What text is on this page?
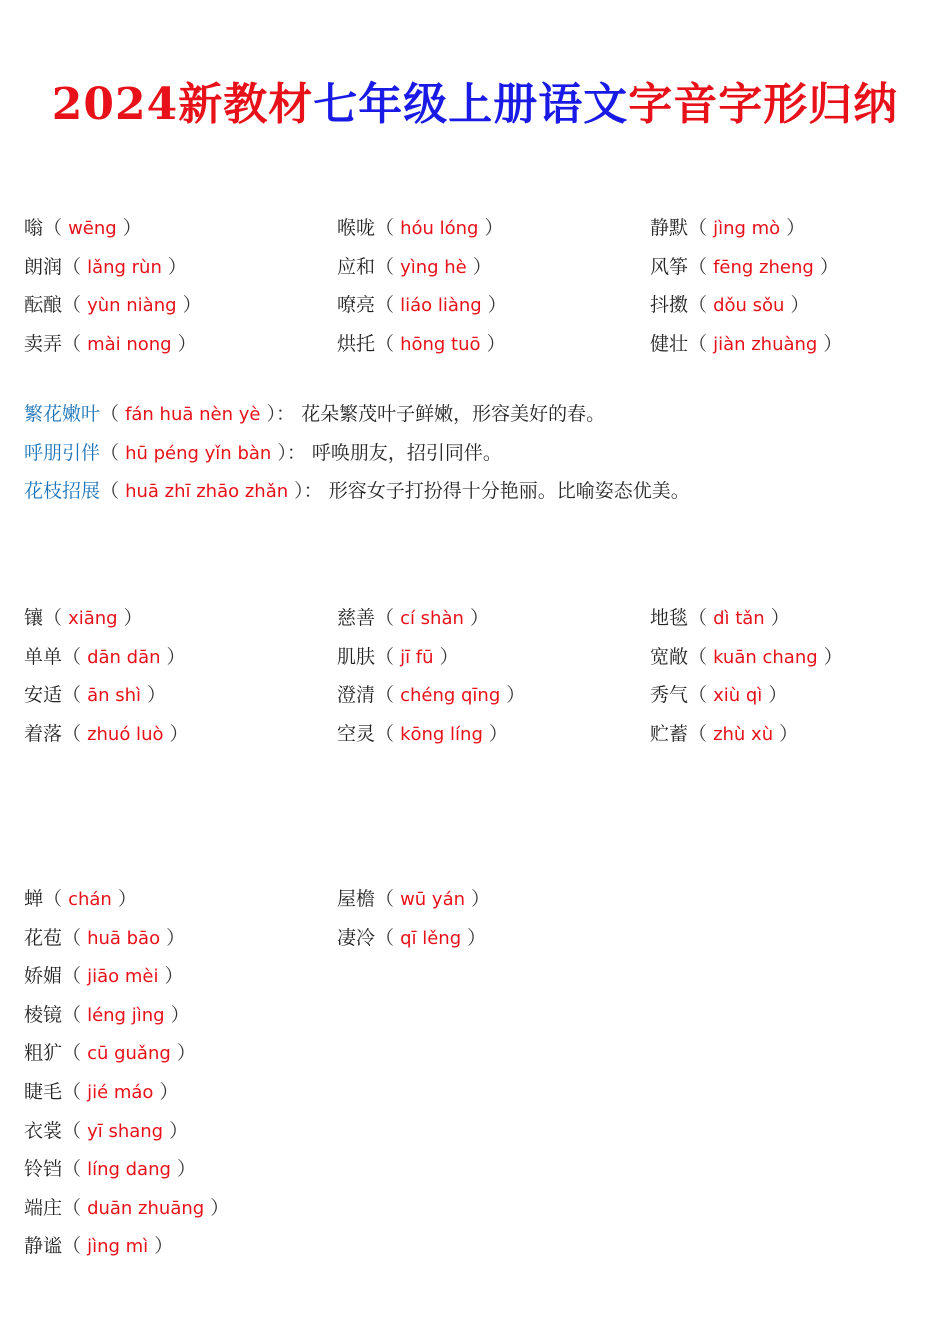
2024新教材七年级上册语文字音字形归纳
嗡（ wēng ）
朗润（ lǎng rùn ）
酝酿（ yùn niàng ）
卖弄（ mài nong ）
喉咙（ hóu lóng ）
应和（ yìng hè ）
嘹亮（ liáo liàng ）
烘托（ hōng tuō ）
静默（ jìng mò ）
风筝（ fēng zheng ）
抖擞（ dǒu sǒu ）
健壮（ jiàn zhuàng ）
繁花嫩叶（ fán huā nèn yè ）： 花朵繁茂叶子鲜嫩，形容美好的春。
呼朋引伴（ hū péng yǐn bàn ）： 呼唤朋友，招引同伴。
花枝招展（ huā zhī zhāo zhǎn ）： 形容女子打扮得十分艳丽。比喻姿态优美。
镶（ xiāng ）
单单（ dān dān ）
安适（ ān shì ）
着落（ zhuó luò ）
慈善（ cí shàn ）
肌肤（ jī fū ）
澄清（ chéng qīng ）
空灵（ kōng líng ）
地毯（ dì tǎn ）
宽敞（ kuān chang ）
秀气（ xiù qì ）
贮蓄（ zhù xù ）
蝉（ chán ）
花苞（ huā bāo ）
娇媚（ jiāo mèi ）
棱镜（ léng jìng ）
粗犷（ cū guǎng ）
睫毛（ jié máo ）
衣裳（ yī shang ）
铃铛（ líng dang ）
端庄（ duān zhuāng ）
静谧（ jìng mì ）
屋檐（ wū yán ）
凄冷（ qī lěng ）
